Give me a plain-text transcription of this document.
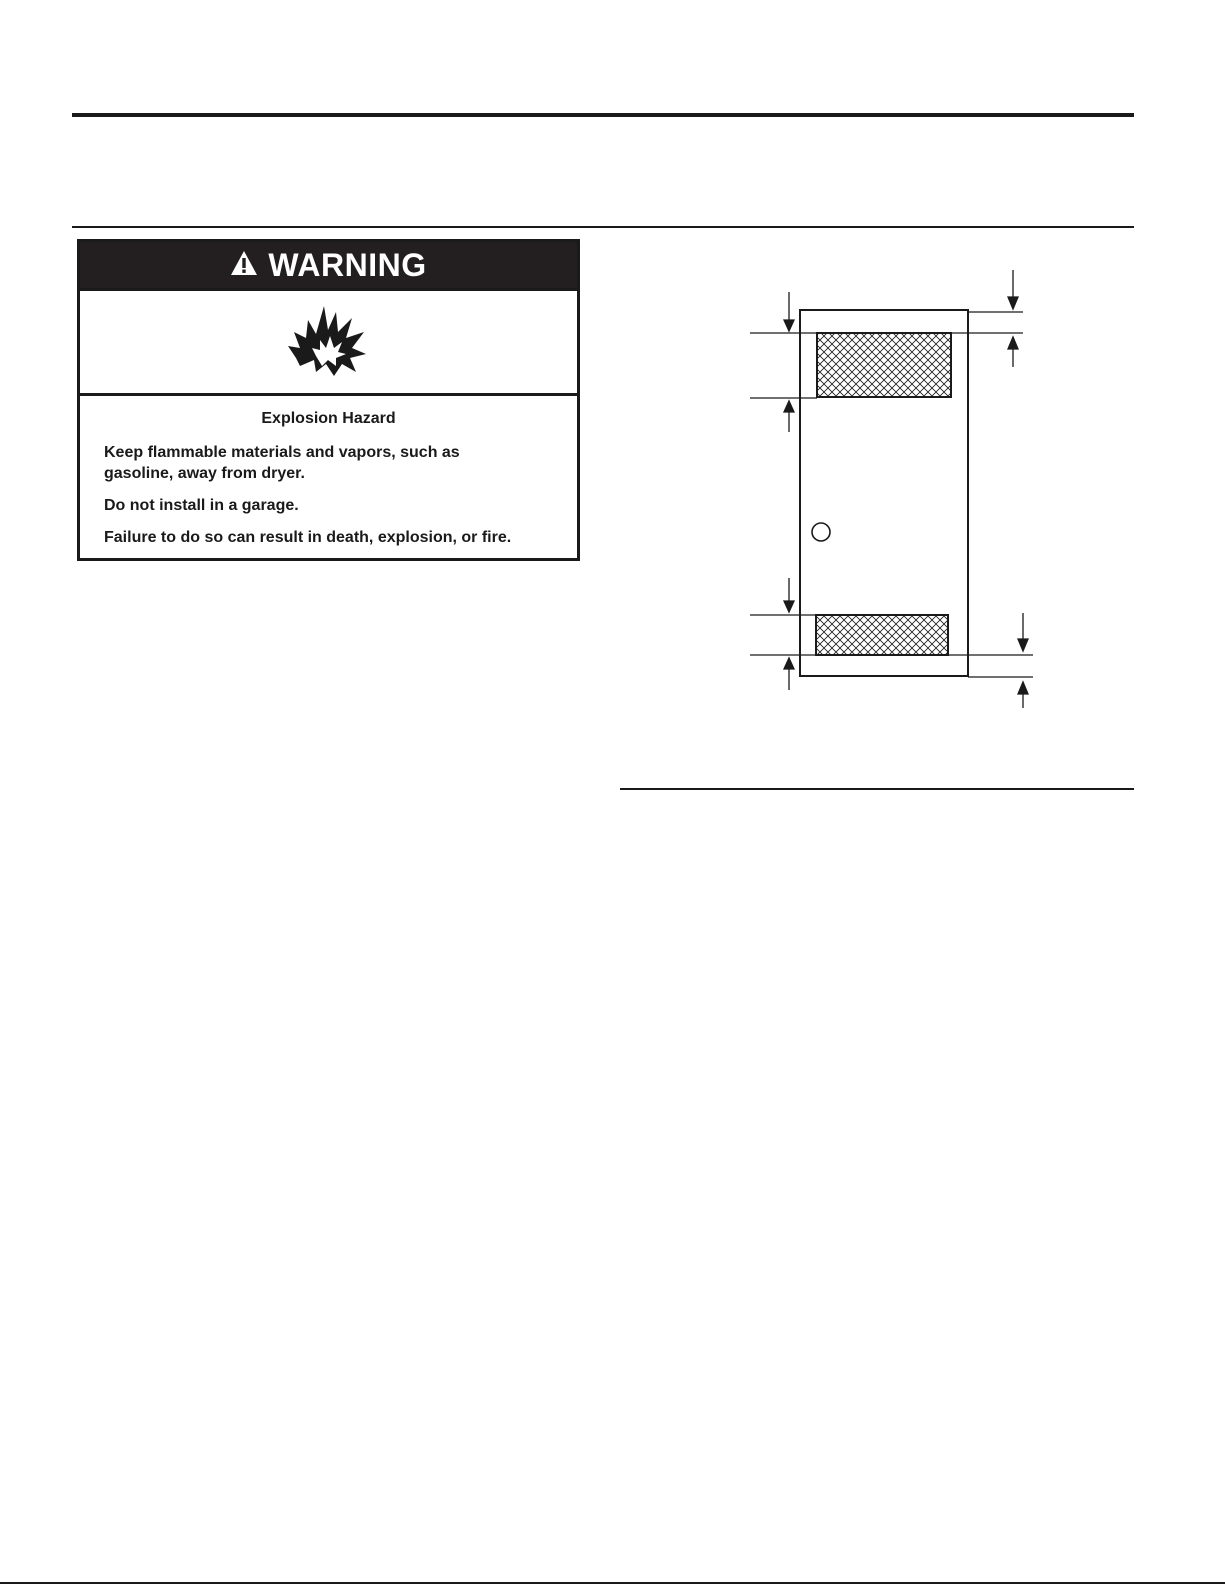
WARNING
Explosion Hazard

Keep flammable materials and vapors, such as gasoline, away from dryer.

Do not install in a garage.

Failure to do so can result in death, explosion, or fire.
